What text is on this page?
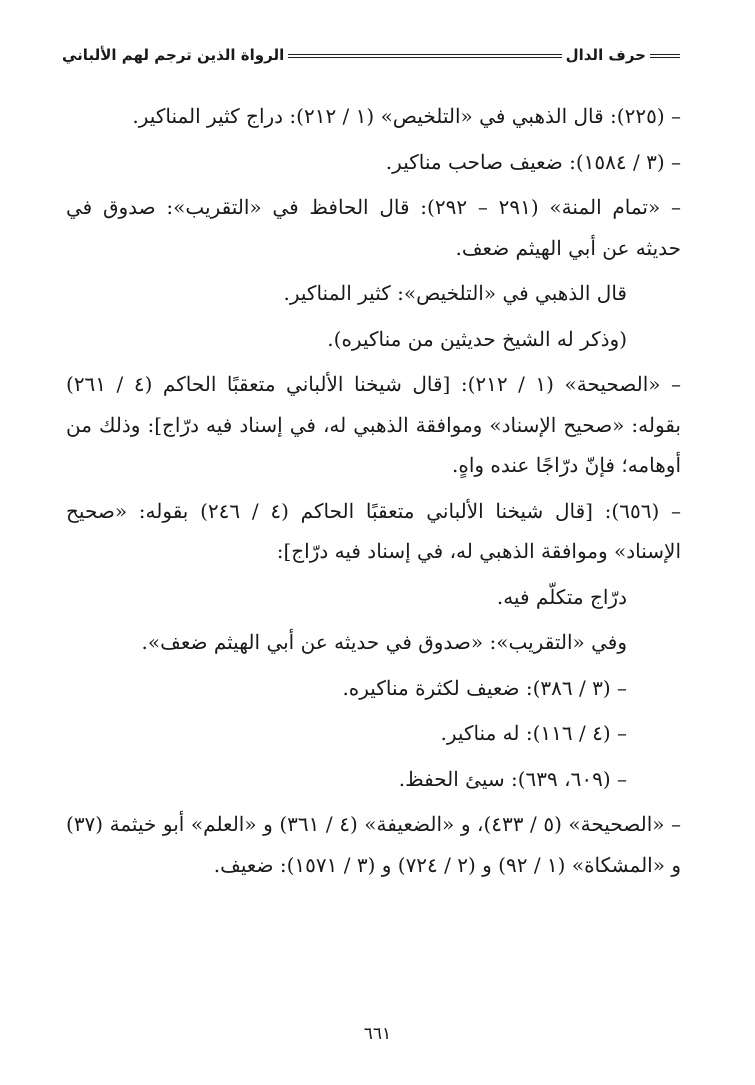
حرف الدال
الرواة الذين ترجم لهم الألباني

– (٢٢٥): قال الذهبي في «التلخيص» (١ / ٢١٢): دراج كثير المناكير.

– (٣ / ١٥٨٤): ضعيف صاحب مناكير.

– «تمام المنة» (٢٩١ – ٢٩٢): قال الحافظ في «التقريب»: صدوق في حديثه عن أبي الهيثم ضعف.

قال الذهبي في «التلخيص»: كثير المناكير.

(وذكر له الشيخ حديثين من مناكيره).

– «الصحيحة» (١ / ٢١٢): [قال شيخنا الألباني متعقبًا الحاكم (٤ / ٢٦١) بقوله: «صحيح الإسناد» وموافقة الذهبي له، في إسناد فيه درّاج]: وذلك من أوهامه؛ فإنّ درّاجًا عنده واهٍ.

– (٦٥٦): [قال شيخنا الألباني متعقبًا الحاكم (٤ / ٢٤٦) بقوله: «صحيح الإسناد» وموافقة الذهبي له، في إسناد فيه درّاج]:

درّاج متكلّم فيه.

وفي «التقريب»: «صدوق في حديثه عن أبي الهيثم ضعف».

– (٣ / ٣٨٦): ضعيف لكثرة مناكيره.

– (٤ / ١١٦): له مناكير.

– (٦٠٩، ٦٣٩): سيئ الحفظ.

– «الصحيحة» (٥ / ٤٣٣)، و «الضعيفة» (٤ / ٣٦١) و «العلم» أبو خيثمة (٣٧) و «المشكاة» (١ / ٩٢) و (٢ / ٧٢٤) و (٣ / ١٥٧١): ضعيف.

٦٦١
